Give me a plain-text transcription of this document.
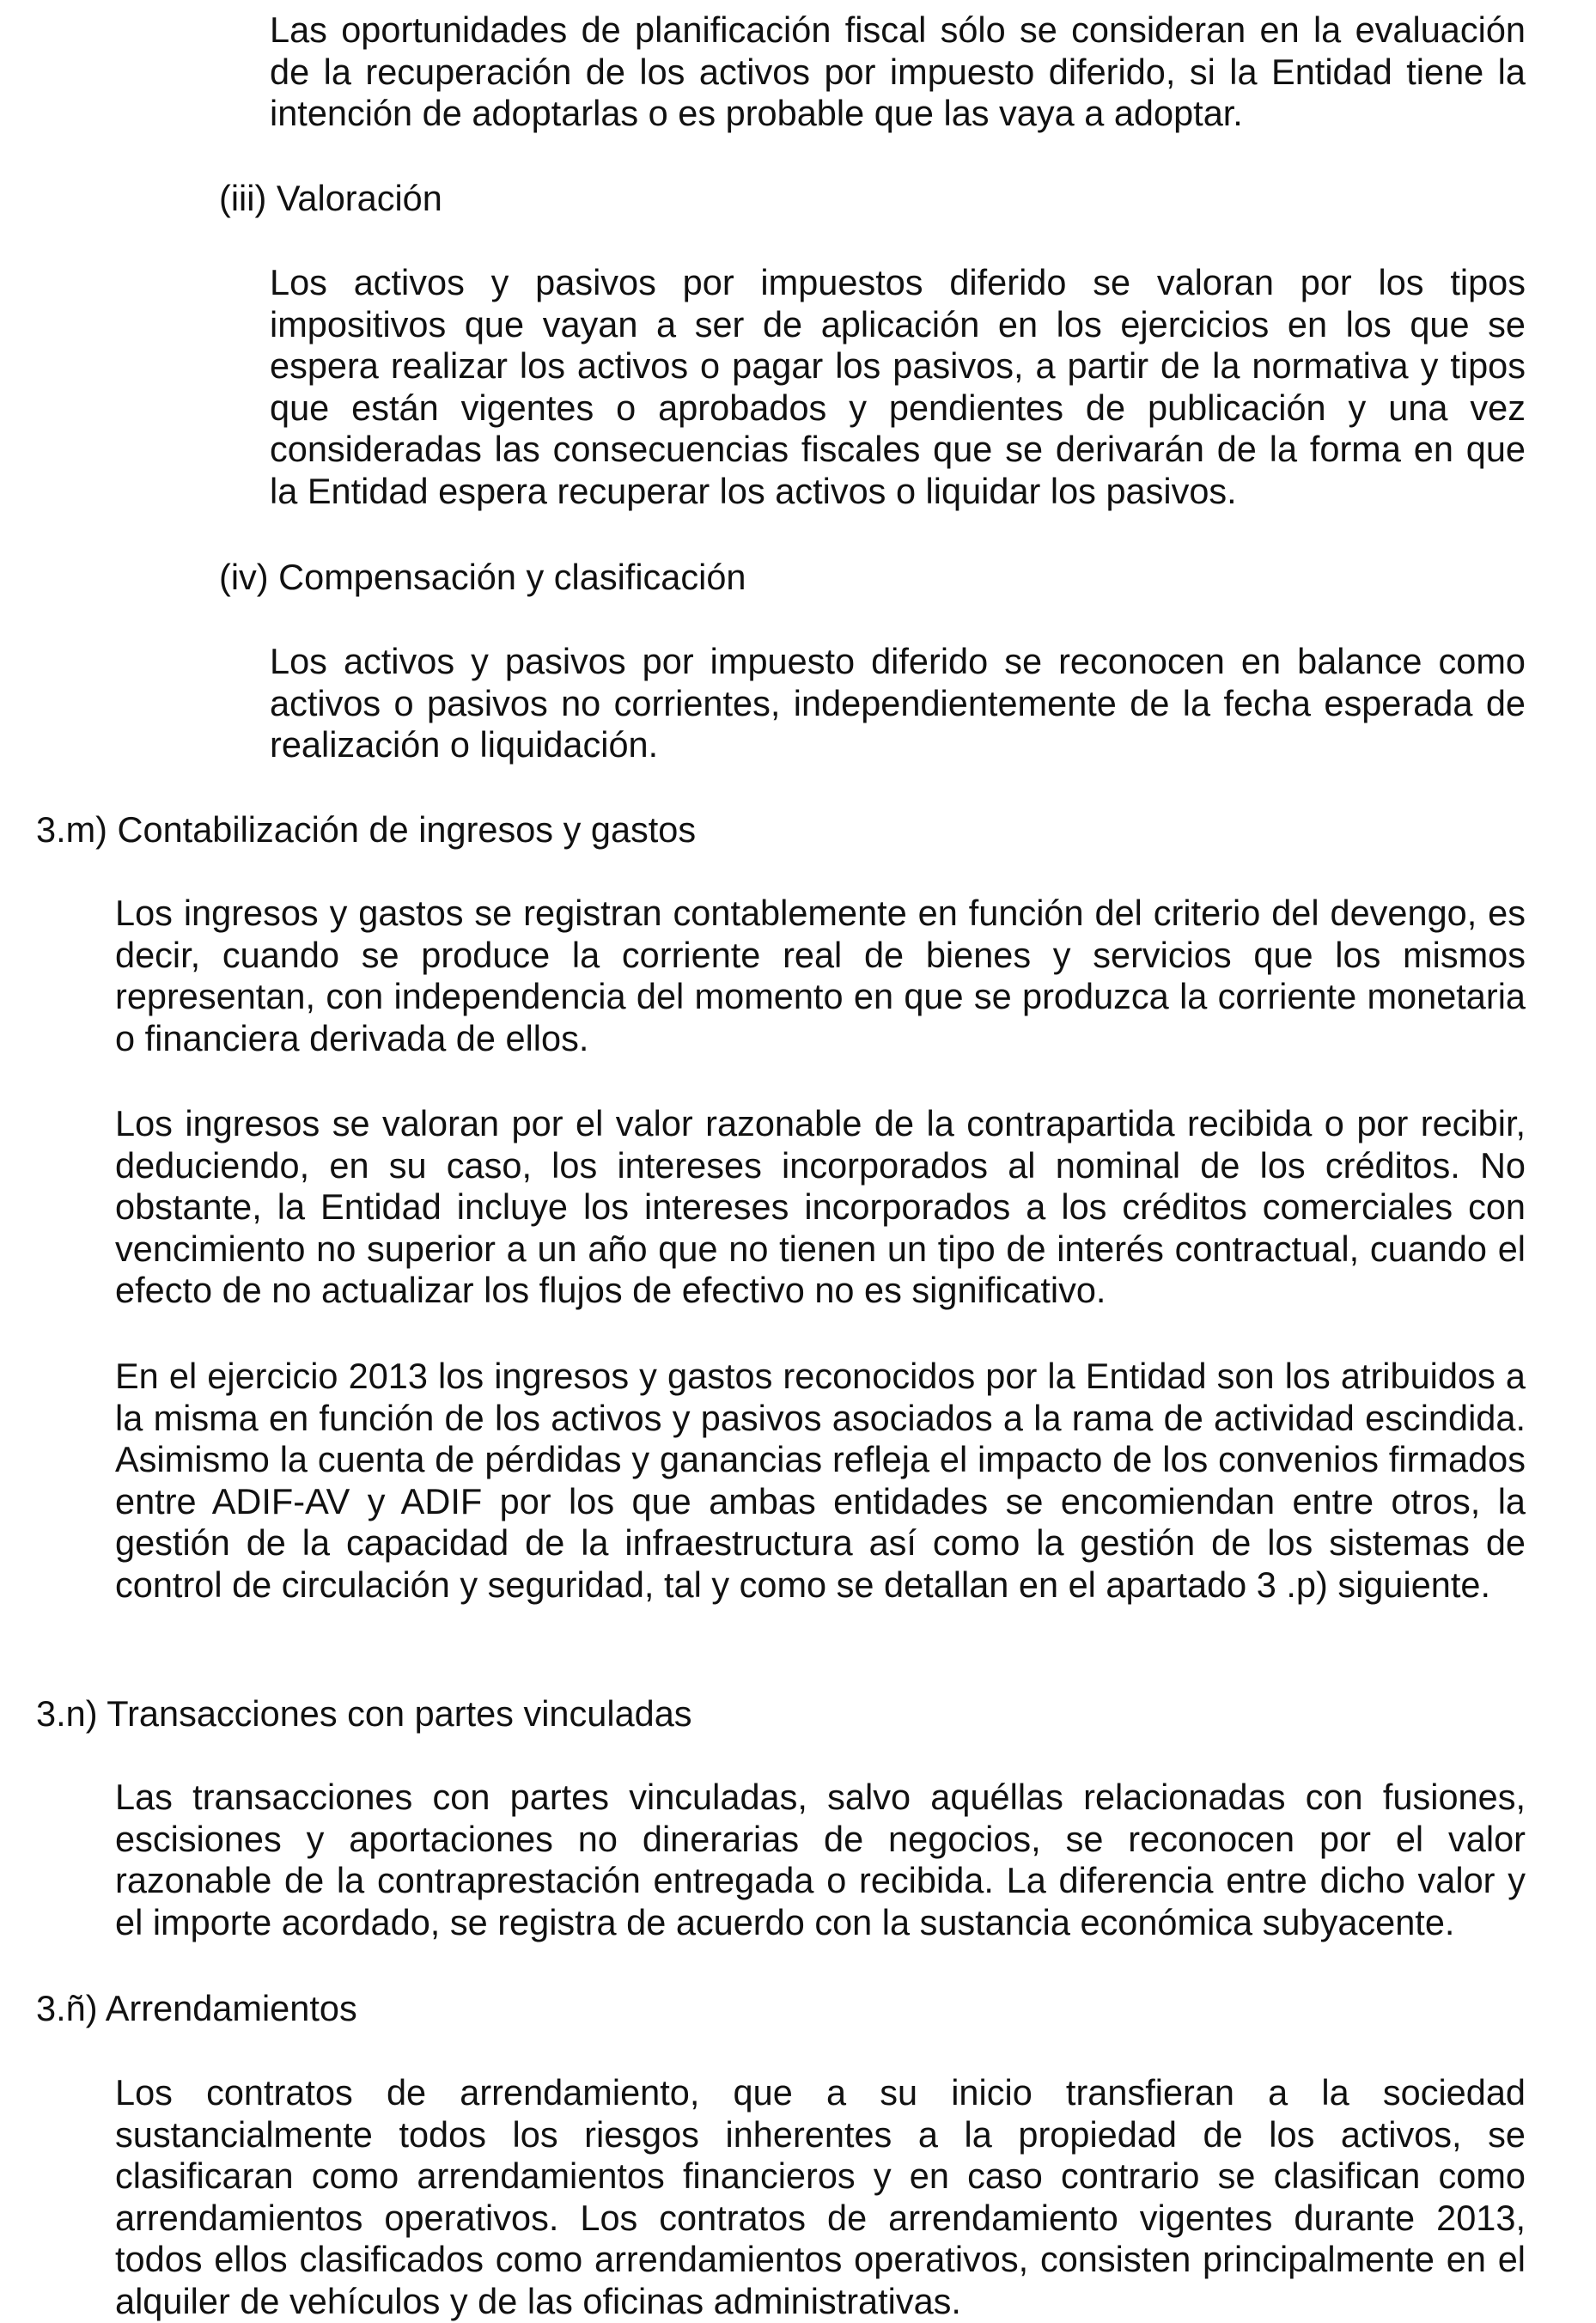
Las oportunidades de planificación fiscal sólo se consideran en la evaluación de la recuperación de los activos por impuesto diferido, si la Entidad tiene la intención de adoptarlas o es probable que las vaya a adoptar.

(iii) Valoración

Los activos y pasivos por impuestos diferido se valoran por los tipos impositivos que vayan a ser de aplicación en los ejercicios en los que se espera realizar los activos o pagar los pasivos, a partir de la normativa y tipos que están vigentes o aprobados y pendientes de publicación y una vez consideradas las consecuencias fiscales que se derivarán de la forma en que la Entidad espera recuperar los activos o liquidar los pasivos.

(iv) Compensación y clasificación

Los activos y pasivos por impuesto diferido se reconocen en balance como activos o pasivos no corrientes, independientemente de la fecha esperada de realización o liquidación.

3.m) Contabilización de ingresos y gastos

Los ingresos y gastos se registran contablemente en función del criterio del devengo, es decir, cuando se produce la corriente real de bienes y servicios que los mismos representan, con independencia del momento en que se produzca la corriente monetaria o financiera derivada de ellos.

Los ingresos se valoran por el valor razonable de la contrapartida recibida o por recibir, deduciendo, en su caso, los intereses incorporados al nominal de los créditos. No obstante, la Entidad incluye los intereses incorporados a los créditos comerciales con vencimiento no superior a un año que no tienen un tipo de interés contractual, cuando el efecto de no actualizar los flujos de efectivo no es significativo.

En el ejercicio 2013 los ingresos y gastos reconocidos por la Entidad son los atribuidos a la misma en función de los activos y pasivos asociados a la rama de actividad escindida. Asimismo la cuenta de pérdidas y ganancias refleja el impacto de los convenios firmados entre ADIF-AV y ADIF por los que ambas entidades se encomiendan entre otros, la gestión de la capacidad de la infraestructura así como la gestión de los sistemas de control de circulación y seguridad, tal y como se detallan en el apartado 3 .p) siguiente.

3.n) Transacciones con partes vinculadas

Las transacciones con partes vinculadas, salvo aquéllas relacionadas con fusiones, escisiones y aportaciones no dinerarias de negocios, se reconocen por el valor razonable de la contraprestación entregada o recibida. La diferencia entre dicho valor y el importe acordado, se registra de acuerdo con la sustancia económica subyacente.

3.ñ) Arrendamientos

Los contratos de arrendamiento, que a su inicio transfieran a la sociedad sustancialmente todos los riesgos inherentes a la propiedad de los activos, se clasificaran como arrendamientos financieros y en caso contrario se clasifican como arrendamientos operativos. Los contratos de arrendamiento vigentes durante 2013, todos ellos clasificados como arrendamientos operativos, consisten principalmente en el alquiler de vehículos y de las oficinas administrativas.
